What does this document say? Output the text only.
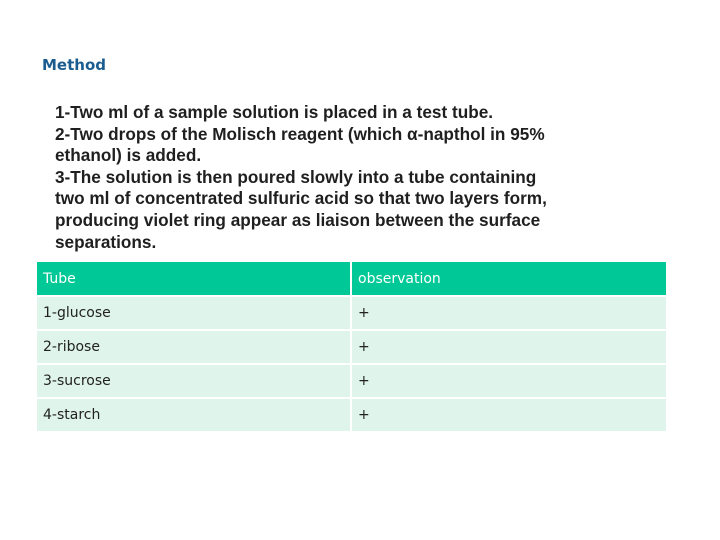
Method
1-Two ml of a sample solution is placed in a test tube.
2-Two drops of the Molisch reagent (which α-napthol in 95%
ethanol) is added.
3-The solution is then poured slowly into a tube containing
two ml of concentrated sulfuric acid so that two layers form,
producing violet ring appear as liaison between the surface
separations.
Tube	observation
1-glucose	+
2-ribose	+
3-sucrose	+
4-starch	+
